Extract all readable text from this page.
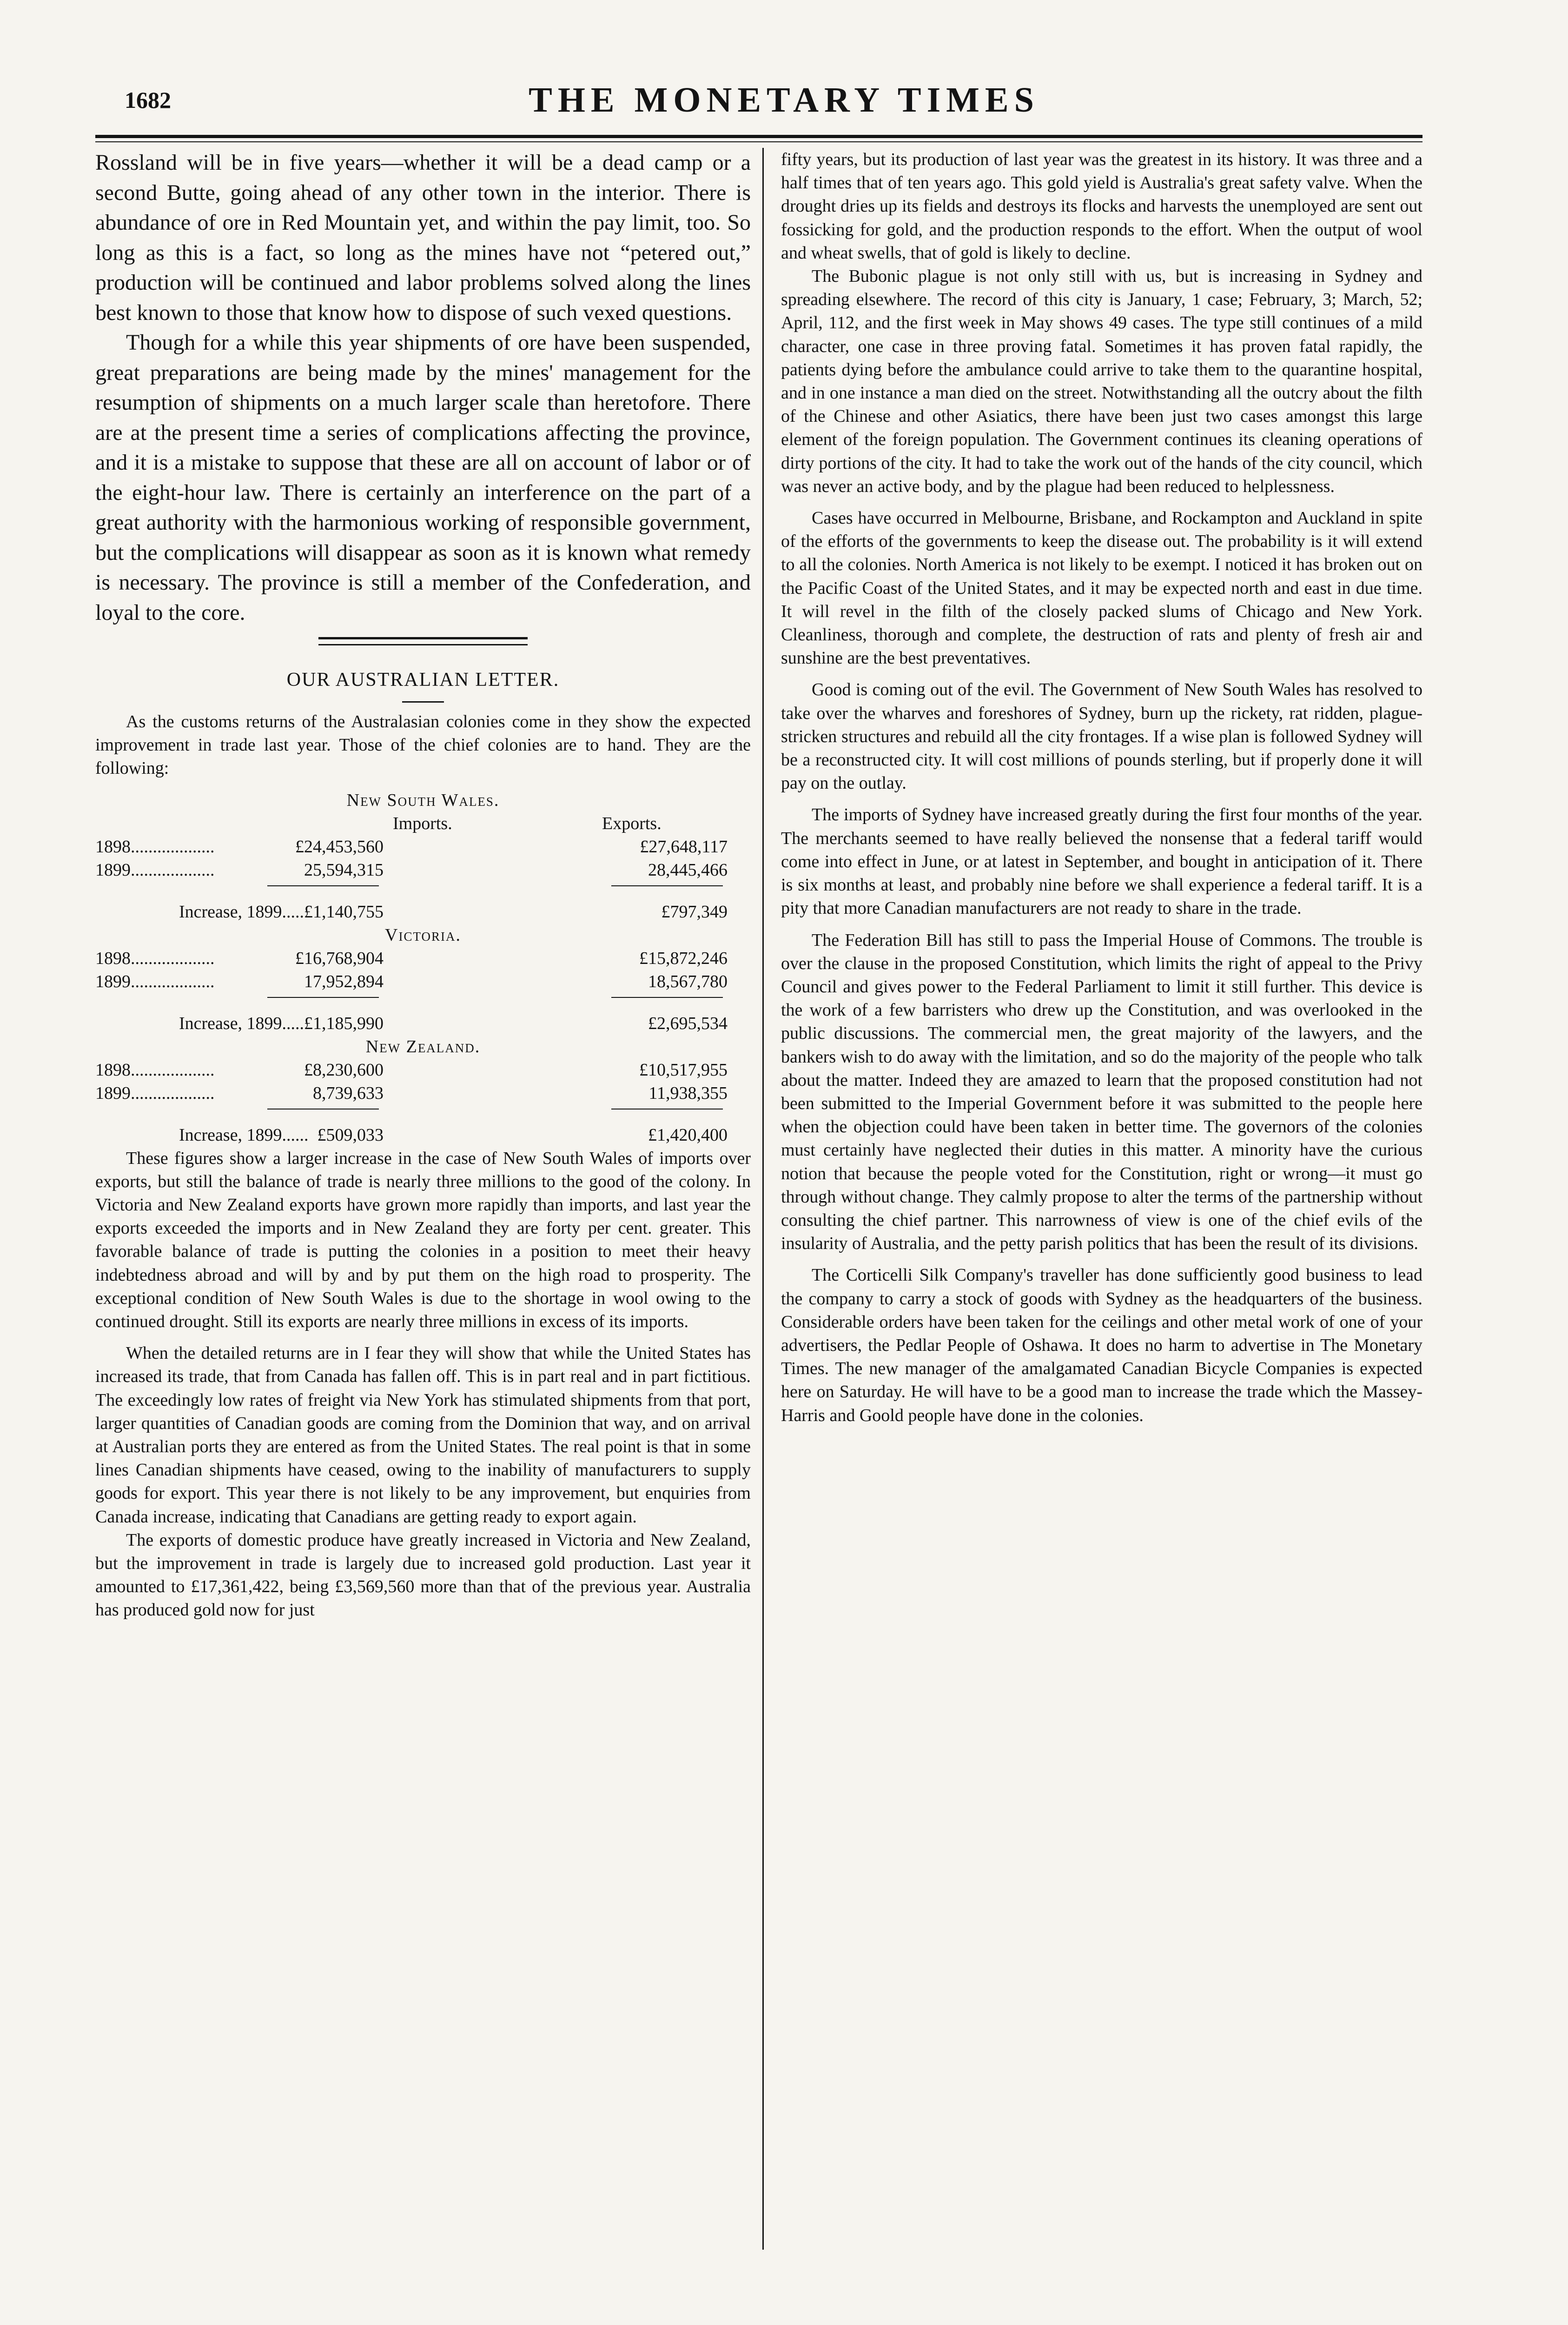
1682	THE MONETARY TIMES

Rossland will be in five years—whether it will be a dead camp or a second Butte, going ahead of any other town in the interior. There is abundance of ore in Red Mountain yet, and within the pay limit, too. So long as this is a fact, so long as the mines have not “petered out,” production will be continued and labor problems solved along the lines best known to those that know how to dispose of such vexed questions.

Though for a while this year shipments of ore have been suspended, great preparations are being made by the mines' management for the resumption of shipments on a much larger scale than heretofore. There are at the present time a series of complications affecting the province, and it is a mistake to suppose that these are all on account of labor or of the eight-hour law. There is certainly an interference on the part of a great authority with the harmonious working of responsible government, but the complications will disappear as soon as it is known what remedy is necessary. The province is still a member of the Confederation, and loyal to the core.

OUR AUSTRALIAN LETTER.

As the customs returns of the Australasian colonies come in they show the expected improvement in trade last year. Those of the chief colonies are to hand. They are the following:

New South Wales.
Imports.	Exports.
1898...................	£24,453,560	£27,648,117
1899...................	25,594,315	28,445,466
Increase, 1899..... £1,140,755	£797,349
Victoria.
1898...................	£16,768,904	£15,872,246
1899...................	17,952,894	18,567,780
Increase, 1899..... £1,185,990	£2,695,534
New Zealand.
1898...................	£8,230,600	£10,517,955
1899...................	8,739,633	11,938,355
Increase, 1899...... £509,033	£1,420,400

These figures show a larger increase in the case of New South Wales of imports over exports, but still the balance of trade is nearly three millions to the good of the colony. In Victoria and New Zealand exports have grown more rapidly than imports, and last year the exports exceeded the imports and in New Zealand they are forty per cent. greater. This favorable balance of trade is putting the colonies in a position to meet their heavy indebtedness abroad and will by and by put them on the high road to prosperity. The exceptional condition of New South Wales is due to the shortage in wool owing to the continued drought. Still its exports are nearly three millions in excess of its imports.

When the detailed returns are in I fear they will show that while the United States has increased its trade, that from Canada has fallen off. This is in part real and in part fictitious. The exceedingly low rates of freight via New York has stimulated shipments from that port, larger quantities of Canadian goods are coming from the Dominion that way, and on arrival at Australian ports they are entered as from the United States. The real point is that in some lines Canadian shipments have ceased, owing to the inability of manufacturers to supply goods for export. This year there is not likely to be any improvement, but enquiries from Canada increase, indicating that Canadians are getting ready to export again.

The exports of domestic produce have greatly increased in Victoria and New Zealand, but the improvement in trade is largely due to increased gold production. Last year it amounted to £17,361,422, being £3,569,560 more than that of the previous year. Australia has produced gold now for just

fifty years, but its production of last year was the greatest in its history. It was three and a half times that of ten years ago. This gold yield is Australia's great safety valve. When the drought dries up its fields and destroys its flocks and harvests the unemployed are sent out fossicking for gold, and the production responds to the effort. When the output of wool and wheat swells, that of gold is likely to decline.

The Bubonic plague is not only still with us, but is increasing in Sydney and spreading elsewhere. The record of this city is January, 1 case; February, 3; March, 52; April, 112, and the first week in May shows 49 cases. The type still continues of a mild character, one case in three proving fatal. Sometimes it has proven fatal rapidly, the patients dying before the ambulance could arrive to take them to the quarantine hospital, and in one instance a man died on the street. Notwithstanding all the outcry about the filth of the Chinese and other Asiatics, there have been just two cases amongst this large element of the foreign population. The Government continues its cleaning operations of dirty portions of the city. It had to take the work out of the hands of the city council, which was never an active body, and by the plague had been reduced to helplessness.

Cases have occurred in Melbourne, Brisbane, and Rockampton and Auckland in spite of the efforts of the governments to keep the disease out. The probability is it will extend to all the colonies. North America is not likely to be exempt. I noticed it has broken out on the Pacific Coast of the United States, and it may be expected north and east in due time. It will revel in the filth of the closely packed slums of Chicago and New York. Cleanliness, thorough and complete, the destruction of rats and plenty of fresh air and sunshine are the best preventatives.

Good is coming out of the evil. The Government of New South Wales has resolved to take over the wharves and foreshores of Sydney, burn up the rickety, rat ridden, plague-stricken structures and rebuild all the city frontages. If a wise plan is followed Sydney will be a reconstructed city. It will cost millions of pounds sterling, but if properly done it will pay on the outlay.

The imports of Sydney have increased greatly during the first four months of the year. The merchants seemed to have really believed the nonsense that a federal tariff would come into effect in June, or at latest in September, and bought in anticipation of it. There is six months at least, and probably nine before we shall experience a federal tariff. It is a pity that more Canadian manufacturers are not ready to share in the trade.

The Federation Bill has still to pass the Imperial House of Commons. The trouble is over the clause in the proposed Constitution, which limits the right of appeal to the Privy Council and gives power to the Federal Parliament to limit it still further. This device is the work of a few barristers who drew up the Constitution, and was overlooked in the public discussions. The commercial men, the great majority of the lawyers, and the bankers wish to do away with the limitation, and so do the majority of the people who talk about the matter. Indeed they are amazed to learn that the proposed constitution had not been submitted to the Imperial Government before it was submitted to the people here when the objection could have been taken in better time. The governors of the colonies must certainly have neglected their duties in this matter. A minority have the curious notion that because the people voted for the Constitution, right or wrong—it must go through without change. They calmly propose to alter the terms of the partnership without consulting the chief partner. This narrowness of view is one of the chief evils of the insularity of Australia, and the petty parish politics that has been the result of its divisions.

The Corticelli Silk Company's traveller has done sufficiently good business to lead the company to carry a stock of goods with Sydney as the headquarters of the business. Considerable orders have been taken for the ceilings and other metal work of one of your advertisers, the Pedlar People of Oshawa. It does no harm to advertise in The Monetary Times. The new manager of the amalgamated Canadian Bicycle Companies is expected here on Saturday. He will have to be a good man to increase the trade which the Massey-Harris and Goold people have done in the colonies.
